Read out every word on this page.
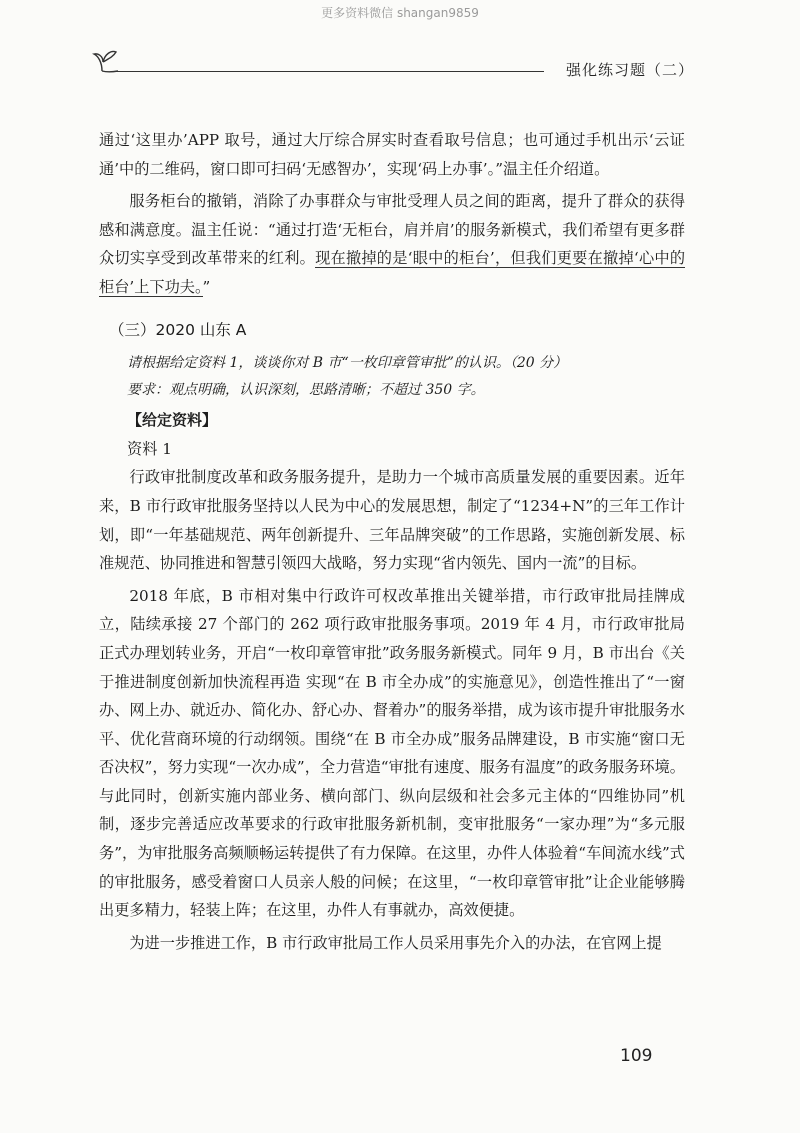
更多资料微信 shangan9859
强化练习题（二）

通过‘这里办’APP 取号，通过大厅综合屏实时查看取号信息；也可通过手机出示‘云证通’中的二维码，窗口即可扫码‘无感智办’，实现‘码上办事’。”温主任介绍道。

服务柜台的撤销，消除了办事群众与审批受理人员之间的距离，提升了群众的获得感和满意度。温主任说：“通过打造‘无柜台，肩并肩’的服务新模式，我们希望有更多群众切实享受到改革带来的红利。现在撤掉的是‘眼中的柜台’，但我们更要在撤掉‘心中的柜台’上下功夫。”

（三）2020 山东 A
请根据给定资料 1，谈谈你对 B 市“一枚印章管审批”的认识。（20 分）
要求：观点明确，认识深刻，思路清晰；不超过 350 字。
【给定资料】
资料 1

行政审批制度改革和政务服务提升，是助力一个城市高质量发展的重要因素。近年来，B 市行政审批服务坚持以人民为中心的发展思想，制定了“1234+N”的三年工作计划，即“一年基础规范、两年创新提升、三年品牌突破”的工作思路，实施创新发展、标准规范、协同推进和智慧引领四大战略，努力实现“省内领先、国内一流”的目标。

2018 年底，B 市相对集中行政许可权改革推出关键举措，市行政审批局挂牌成立，陆续承接 27 个部门的 262 项行政审批服务事项。2019 年 4 月，市行政审批局正式办理划转业务，开启“一枚印章管审批”政务服务新模式。同年 9 月，B 市出台《关于推进制度创新加快流程再造 实现“在 B 市全办成”的实施意见》，创造性推出了“一窗办、网上办、就近办、简化办、舒心办、督着办”的服务举措，成为该市提升审批服务水平、优化营商环境的行动纲领。围绕“在 B 市全办成”服务品牌建设，B 市实施“窗口无否决权”，努力实现“一次办成”，全力营造“审批有速度、服务有温度”的政务服务环境。与此同时，创新实施内部业务、横向部门、纵向层级和社会多元主体的“四维协同”机制，逐步完善适应改革要求的行政审批服务新机制，变审批服务“一家办理”为“多元服务”，为审批服务高频顺畅运转提供了有力保障。在这里，办件人体验着“车间流水线”式的审批服务，感受着窗口人员亲人般的问候；在这里，“一枚印章管审批”让企业能够腾出更多精力，轻装上阵；在这里，办件人有事就办，高效便捷。

为进一步推进工作，B 市行政审批局工作人员采用事先介入的办法，在官网上提

109
